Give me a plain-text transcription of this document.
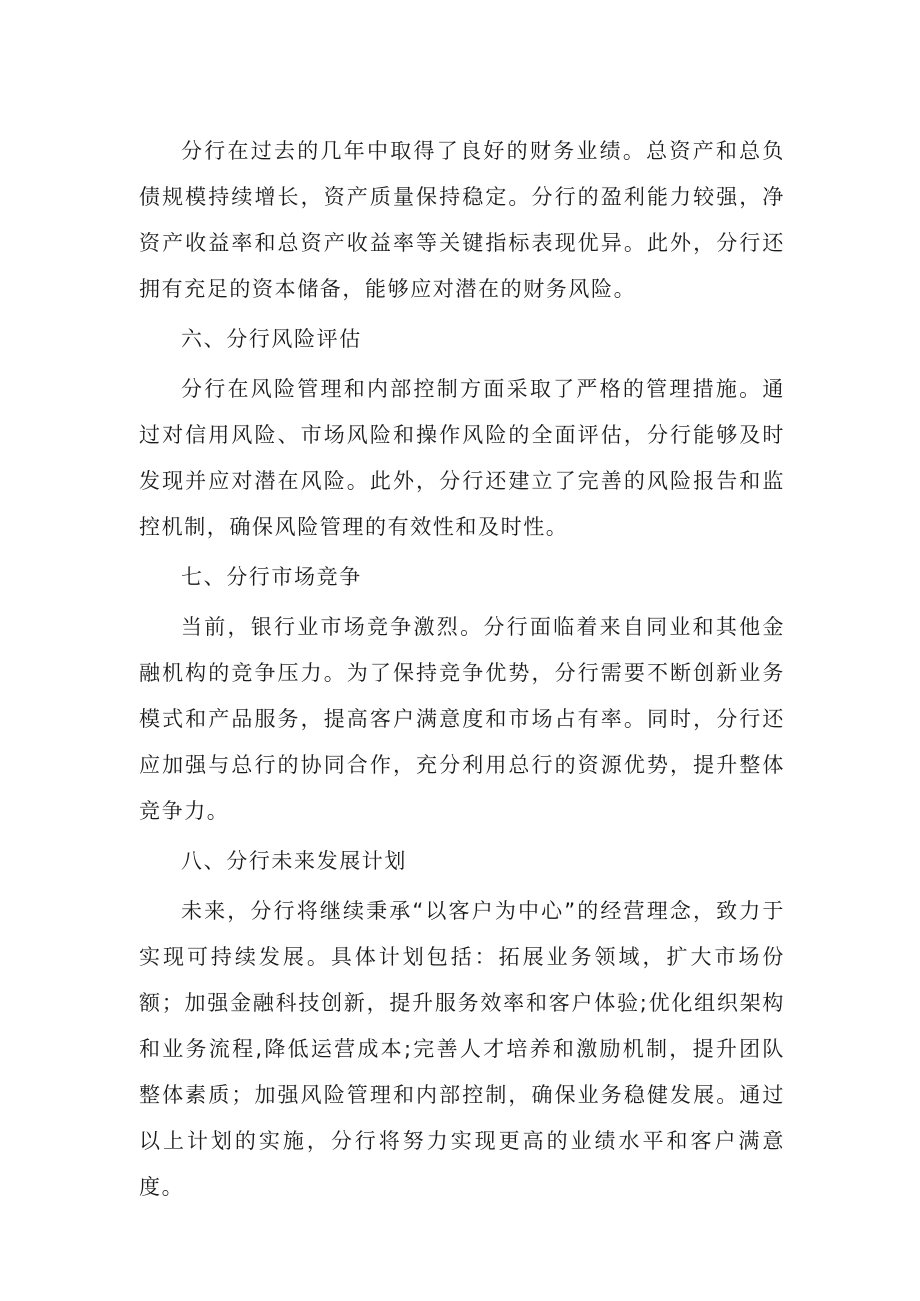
分行在过去的几年中取得了良好的财务业绩。总资产和总负债规模持续增长，资产质量保持稳定。分行的盈利能力较强，净资产收益率和总资产收益率等关键指标表现优异。此外，分行还拥有充足的资本储备，能够应对潜在的财务风险。

六、分行风险评估

分行在风险管理和内部控制方面采取了严格的管理措施。通过对信用风险、市场风险和操作风险的全面评估，分行能够及时发现并应对潜在风险。此外，分行还建立了完善的风险报告和监控机制，确保风险管理的有效性和及时性。

七、分行市场竞争

当前，银行业市场竞争激烈。分行面临着来自同业和其他金融机构的竞争压力。为了保持竞争优势，分行需要不断创新业务模式和产品服务，提高客户满意度和市场占有率。同时，分行还应加强与总行的协同合作，充分利用总行的资源优势，提升整体竞争力。

八、分行未来发展计划

未来，分行将继续秉承“以客户为中心”的经营理念，致力于实现可持续发展。具体计划包括：拓展业务领域，扩大市场份额；加强金融科技创新，提升服务效率和客户体验;优化组织架构和业务流程,降低运营成本;完善人才培养和激励机制，提升团队整体素质；加强风险管理和内部控制，确保业务稳健发展。通过以上计划的实施，分行将努力实现更高的业绩水平和客户满意度。
